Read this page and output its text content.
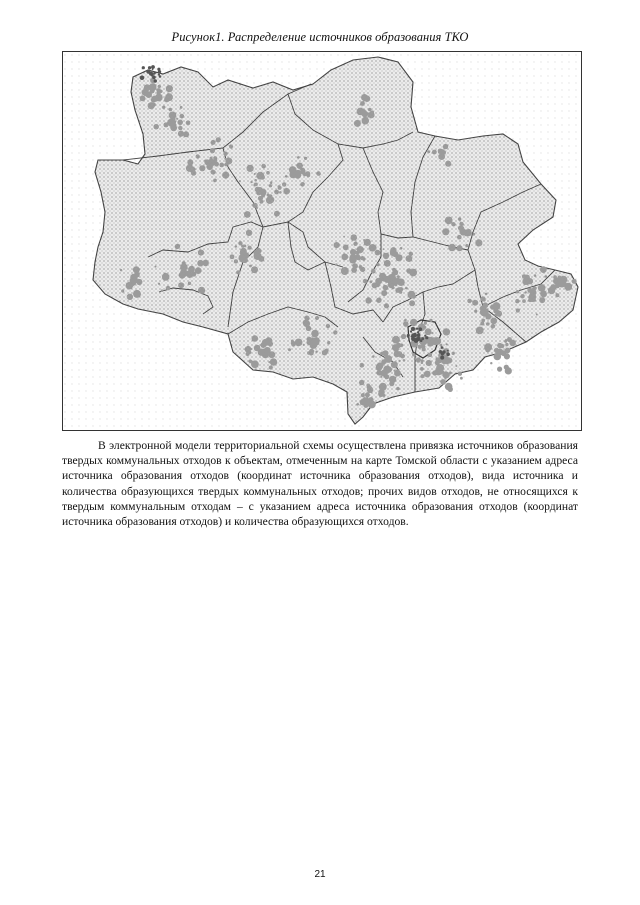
Рисунок1. Распределение источников образования ТКО
В электронной модели территориальной схемы осуществлена привязка источников образования твердых коммунальных отходов к объектам, отмеченным на карте Томской области с указанием адреса источника образования отходов (координат источника образования отходов), вида источника и количества образующихся твердых коммунальных отходов; прочих видов отходов, не относящихся к твердым коммунальным отходам – с указанием адреса источника образования отходов (координат источника образования отходов) и количества образующихся отходов.
21
